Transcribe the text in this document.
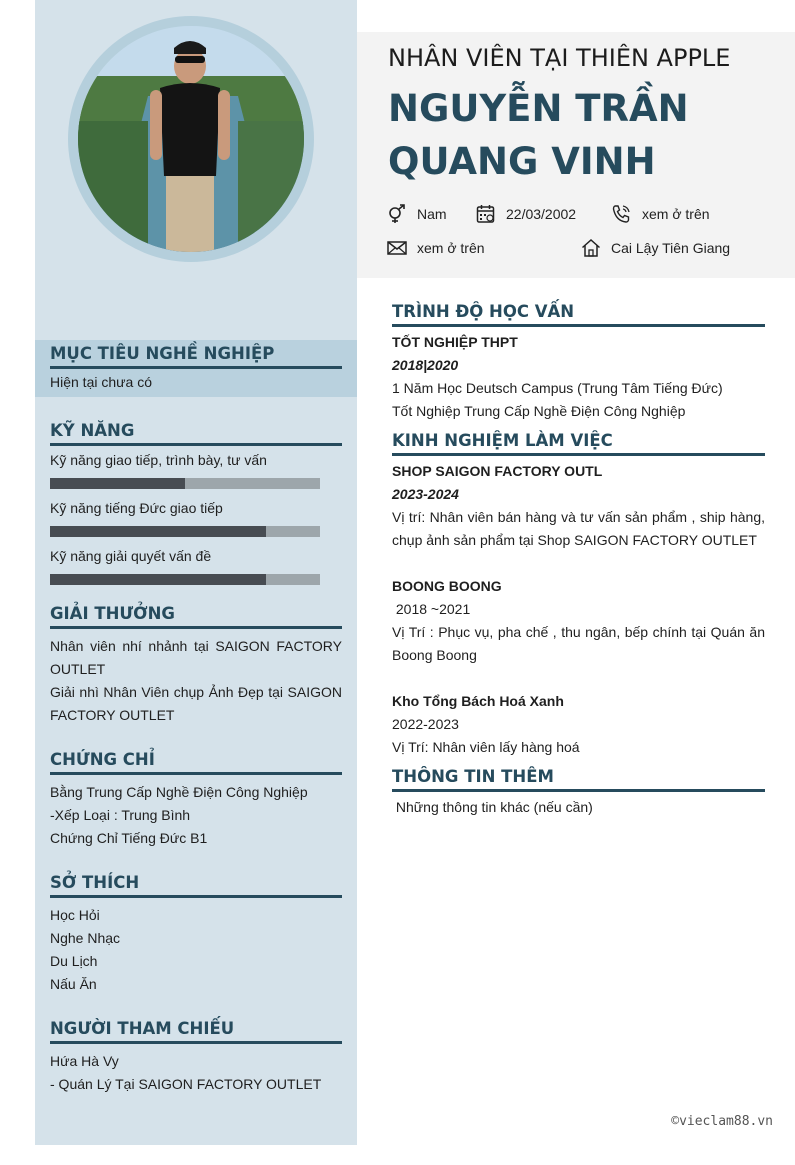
MỤC TIÊU NGHỀ NGHIỆP
Hiện tại chưa có
KỸ NĂNG
Kỹ năng giao tiếp, trình bày, tư vấn
Kỹ năng tiếng Đức giao tiếp
Kỹ năng giải quyết vấn đề
GIẢI THƯỞNG
Nhân viên nhí nhảnh tại SAIGON FACTORY OUTLET
Giải nhì Nhân Viên chụp Ảnh Đẹp tại SAIGON FACTORY OUTLET
CHỨNG CHỈ
Bằng Trung Cấp Nghề Điện Công Nghiệp
-Xếp Loại : Trung Bình
Chứng Chỉ Tiếng Đức B1
SỞ THÍCH
Học Hỏi
Nghe Nhạc
Du Lịch
Nấu Ăn
NGƯỜI THAM CHIẾU
Hứa Hà Vy
- Quán Lý Tại SAIGON FACTORY OUTLET
NHÂN VIÊN TẠI THIÊN APPLE
NGUYỄN TRẦN
QUANG VINH
Nam	22/03/2002	xem ở trên
xem ở trên	Cai Lậy Tiên Giang
TRÌNH ĐỘ HỌC VẤN
TỐT NGHIỆP THPT
2018|2020
1 Năm Học Deutsch Campus (Trung Tâm Tiếng Đức)
Tốt Nghiệp Trung Cấp Nghề Điện Công Nghiệp
KINH NGHIỆM LÀM VIỆC
SHOP SAIGON FACTORY OUTL
2023-2024
Vị trí: Nhân viên bán hàng và tư vấn sản phẩm , ship hàng, chụp ảnh sản phẩm tại Shop SAIGON FACTORY OUTLET
BOONG BOONG
2018 ~2021
Vị Trí : Phục vụ, pha chế , thu ngân, bếp chính tại Quán ăn Boong Boong
Kho Tổng Bách Hoá Xanh
2022-2023
Vị Trí: Nhân viên lấy hàng hoá
THÔNG TIN THÊM
Những thông tin khác (nếu cần)
©vieclam88.vn
